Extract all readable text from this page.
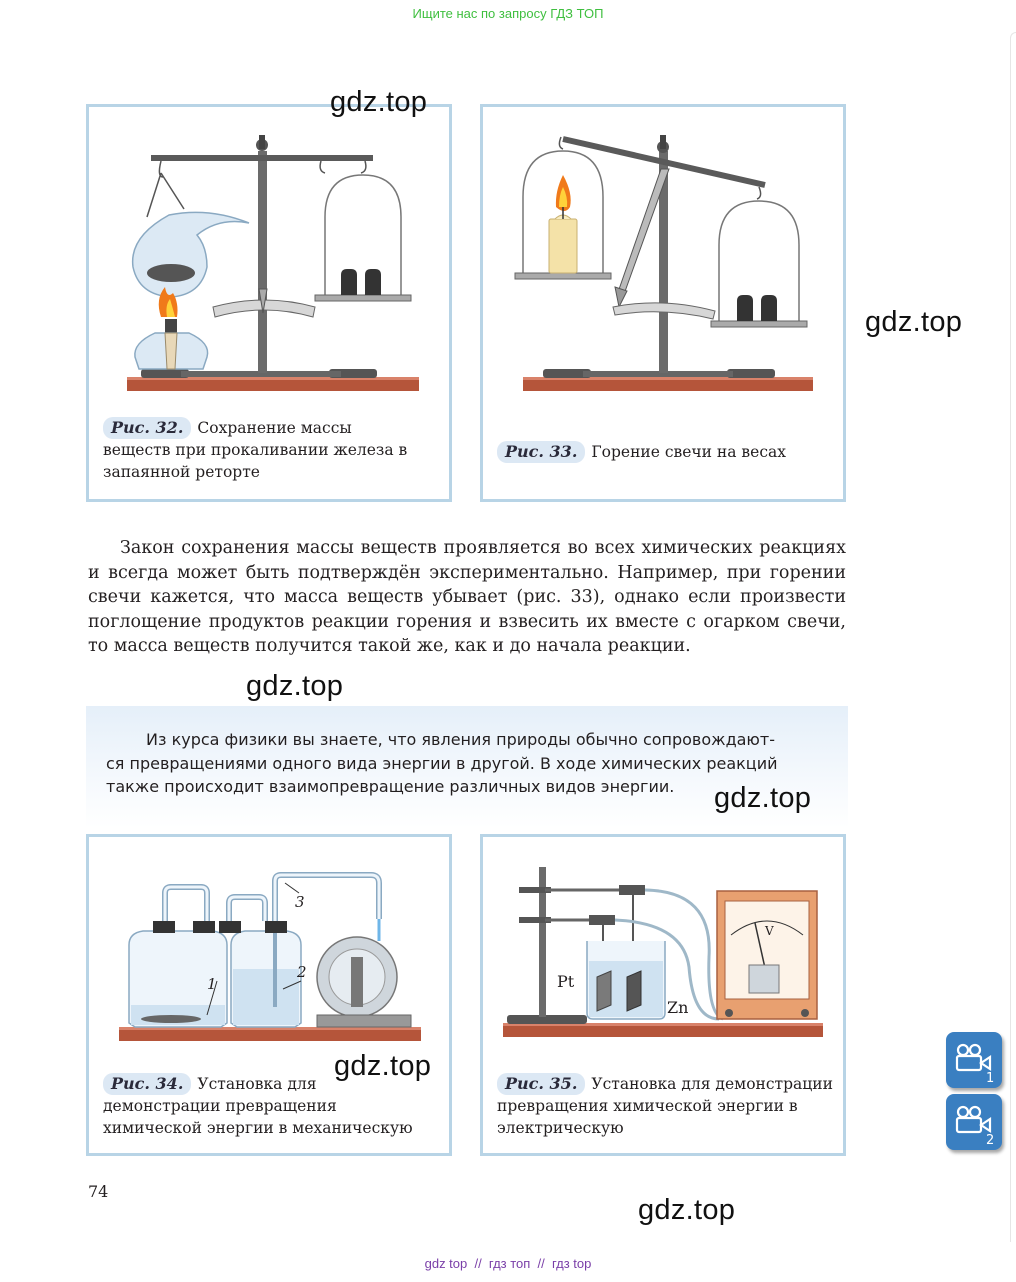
Ищите нас по запросу ГДЗ ТОП
Рис. 32. Сохранение массы веществ при прокаливании железа в запаянной реторте
Рис. 33. Горение свечи на весах
gdz.top
gdz.top

Закон сохранения массы веществ проявляется во всех химических реакциях и всегда может быть подтверждён экспериментально. Например, при горении свечи кажется, что масса веществ убывает (рис. 33), однако если произвести поглощение продуктов реакции горения и взвесить их вместе с огарком свечи, то масса веществ получится такой же, как и до начала реакции.

gdz.top
Из курса физики вы знаете, что явления природы обычно сопровождают-
ся превращениями одного вида энергии в другой. В ходе химических реакций
также происходит взаимопревращение различных видов энергии.	gdz.top
1
2
3
Рис. 34. Установка для демонстрации превращения химической энергии в механическую
V
Pt
Zn
Рис. 35. Установка для демонстрации превращения химической энергии в электрическую
gdz.top
74
gdz.top
1
2
gdz top  //  гдз топ  //  гдз top
